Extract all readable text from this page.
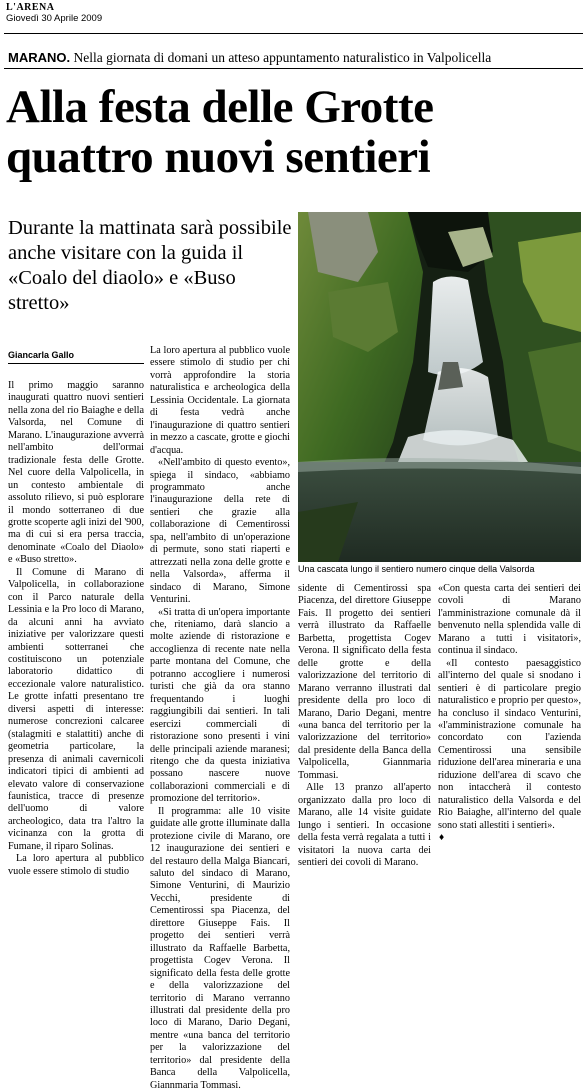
L'ARENA
Giovedì 30 Aprile 2009
MARANO. Nella giornata di domani un atteso appuntamento naturalistico in Valpolicella
Alla festa delle Grotte
quattro nuovi sentieri

Durante la mattinata sarà possibile anche visitare con la guida il «Coalo del diaolo» e «Buso stretto»

Giancarla Gallo
Una cascata lungo il sentiero numero cinque della Valsorda

Il primo maggio saranno inaugurati quattro nuovi sentieri nella zona del rio Baiaghe e della Valsorda, nel Comune di Marano. L'inaugurazione avverrà nell'ambito dell'ormai tradizionale festa delle Grotte. Nel cuore della Valpolicella, in un contesto ambientale di assoluto rilievo, si può esplorare il mondo sotterraneo di due grotte scoperte agli inizi del '900, ma di cui si era persa traccia, denominate «Coalo del Diaolo» e «Buso stretto».

Il Comune di Marano di Valpolicella, in collaborazione con il Parco naturale della Lessinia e la Pro loco di Marano, da alcuni anni ha avviato iniziative per valorizzare questi ambienti sotterranei che costituiscono un potenziale laboratorio didattico di eccezionale valore naturalistico. Le grotte infatti presentano tre diversi aspetti di interesse: numerose concrezioni calcaree (stalagmiti e stalattiti) anche di geometria particolare, la presenza di animali cavernicoli indicatori tipici di ambienti ad elevato valore di conservazione faunistica, tracce di presenze dell'uomo di valore archeologico, data tra l'altro la vicinanza con la grotta di Fumane, il riparo Solinas.

La loro apertura al pubblico vuole essere stimolo di studio

La loro apertura al pubblico vuole essere stimolo di studio per chi vorrà approfondire la storia naturalistica e archeologica della Lessinia Occidentale. La giornata di festa vedrà anche l'inaugurazione di quattro sentieri in mezzo a cascate, grotte e giochi d'acqua.

«Nell'ambito di questo evento», spiega il sindaco, «abbiamo programmato anche l'inaugurazione della rete di sentieri che grazie alla collaborazione di Cementirossi spa, nell'ambito di un'operazione di permute, sono stati riaperti e attrezzati nella zona delle grotte e nella Valsorda», afferma il sindaco di Marano, Simone Venturini.

«Si tratta di un'opera importante che, riteniamo, darà slancio a molte aziende di ristorazione e accoglienza di recente nate nella parte montana del Comune, che potranno accogliere i numerosi turisti che già da ora stanno frequentando i luoghi raggiungibili dai sentieri. In tali esercizi commerciali di ristorazione sono presenti i vini delle principali aziende maranesi; ritengo che da questa iniziativa possano nascere nuove collaborazioni commerciali e di promozione del territorio».

Il programma: alle 10 visite guidate alle grotte illuminate dalla protezione civile di Marano, ore 12 inaugurazione dei sentieri e del restauro della Malga Biancari, saluto del sindaco di Marano, Simone Venturini, di Maurizio Vecchi, presidente di Cementirossi spa Piacenza, del direttore Giuseppe Fais. Il progetto dei sentieri verrà illustrato da Raffaelle Barbetta, progettista Cogev Verona. Il significato della festa delle grotte e della valorizzazione del territorio di Marano verranno illustrati dal presidente della pro loco di Marano, Dario Degani, mentre «una banca del territorio per la valorizzazione del territorio» dal presidente della Banca della Valpolicella, Giannmaria Tommasi.

sidente di Cementirossi spa Piacenza, del direttore Giuseppe Fais. Il progetto dei sentieri verrà illustrato da Raffaelle Barbetta, progettista Cogev Verona. Il significato della festa delle grotte e della valorizzazione del territorio di Marano verranno illustrati dal presidente della pro loco di Marano, Dario Degani, mentre «una banca del territorio per la valorizzazione del territorio» dal presidente della Banca della Valpolicella, Giannmaria Tommasi.

Alle 13 pranzo all'aperto organizzato dalla pro loco di Marano, alle 14 visite guidate lungo i sentieri. In occasione della festa verrà regalata a tutti i visitatori la nuova carta dei sentieri dei covoli di Marano.

«Con questa carta dei sentieri dei covoli di Marano l'amministrazione comunale dà il benvenuto nella splendida valle di Marano a tutti i visitatori», continua il sindaco.

«Il contesto paesaggistico all'interno del quale si snodano i sentieri è di particolare pregio naturalistico e proprio per questo», ha concluso il sindaco Venturini, «l'amministrazione comunale ha concordato con l'azienda Cementirossi una sensibile riduzione dell'area mineraria e una riduzione dell'area di scavo che non intaccherà il contesto naturalistico della Valsorda e del Rio Baiaghe, all'interno del quale sono stati allestiti i sentieri».

♦
